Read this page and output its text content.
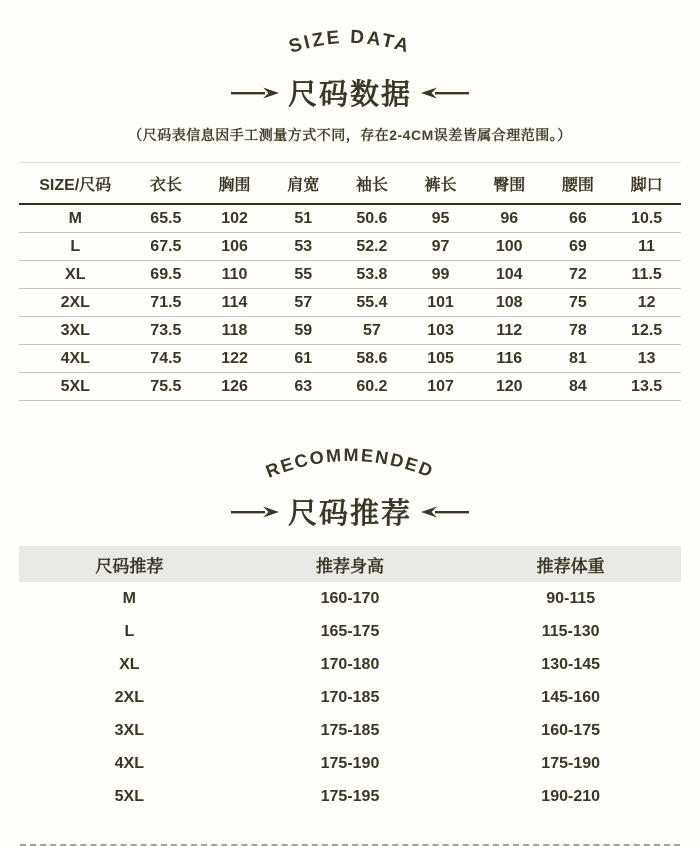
SIZE DATA
尺码数据

（尺码表信息因手工测量方式不同，存在2-4CM误差皆属合理范围。）

SIZE/尺码	衣长	胸围	肩宽	袖长	裤长	臀围	腰围	脚口
M	65.5	102	51	50.6	95	96	66	10.5
L	67.5	106	53	52.2	97	100	69	11
XL	69.5	110	55	53.8	99	104	72	11.5
2XL	71.5	114	57	55.4	101	108	75	12
3XL	73.5	118	59	57	103	112	78	12.5
4XL	74.5	122	61	58.6	105	116	81	13
5XL	75.5	126	63	60.2	107	120	84	13.5
RECOMMENDED
尺码推荐
尺码推荐	推荐身高	推荐体重
M	160-170	90-115
L	165-175	115-130
XL	170-180	130-145
2XL	170-185	145-160
3XL	175-185	160-175
4XL	175-190	175-190
5XL	175-195	190-210
